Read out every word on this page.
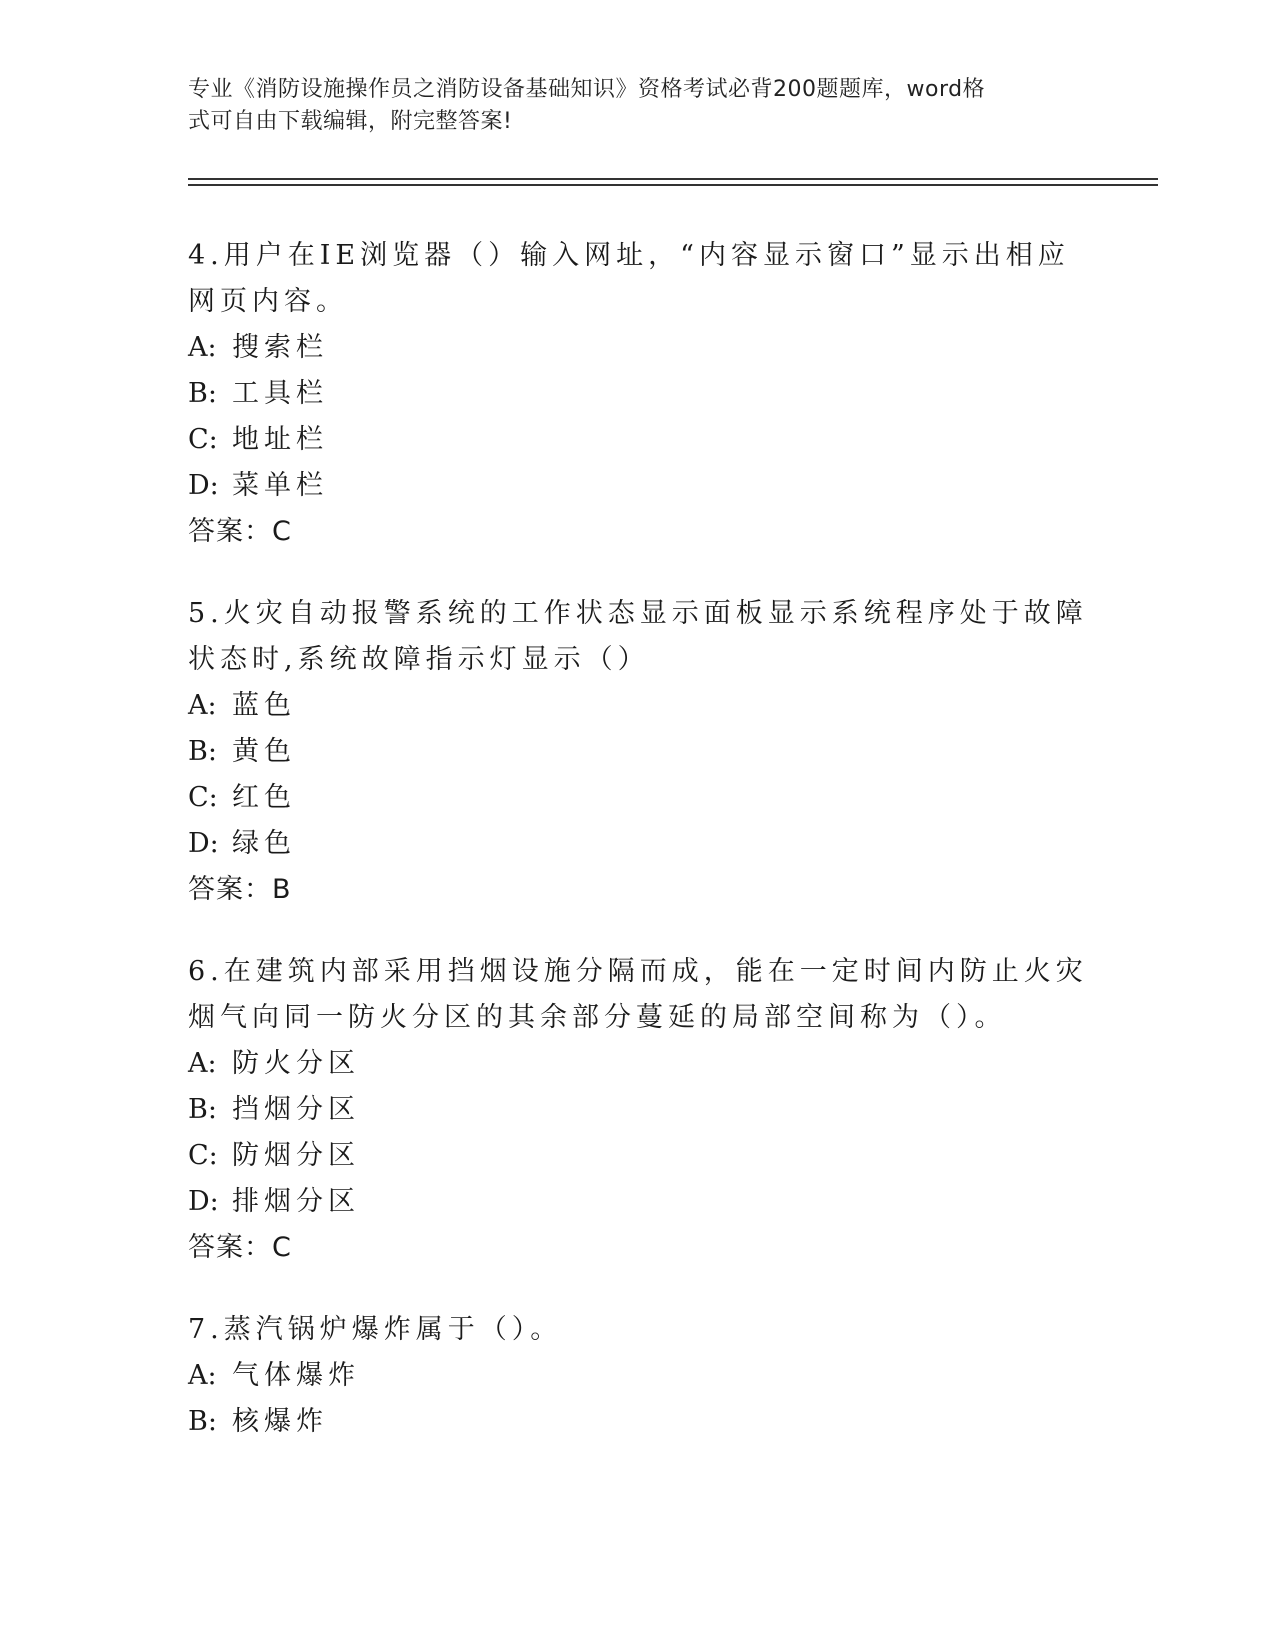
专业《消防设施操作员之消防设备基础知识》资格考试必背200题题库，word格
式可自由下载编辑，附完整答案!

4.用户在IE浏览器（）输入网址，“内容显示窗口”显示出相应网页内容。

A: 搜索栏

B: 工具栏

C: 地址栏

D: 菜单栏

答案：C

5.火灾自动报警系统的工作状态显示面板显示系统程序处于故障状态时,系统故障指示灯显示（）

A: 蓝色

B: 黄色

C: 红色

D: 绿色

答案：B

6.在建筑内部采用挡烟设施分隔而成，能在一定时间内防止火灾烟气向同一防火分区的其余部分蔓延的局部空间称为（）。

A: 防火分区

B: 挡烟分区

C: 防烟分区

D: 排烟分区

答案：C

7.蒸汽锅炉爆炸属于（）。

A: 气体爆炸

B: 核爆炸
